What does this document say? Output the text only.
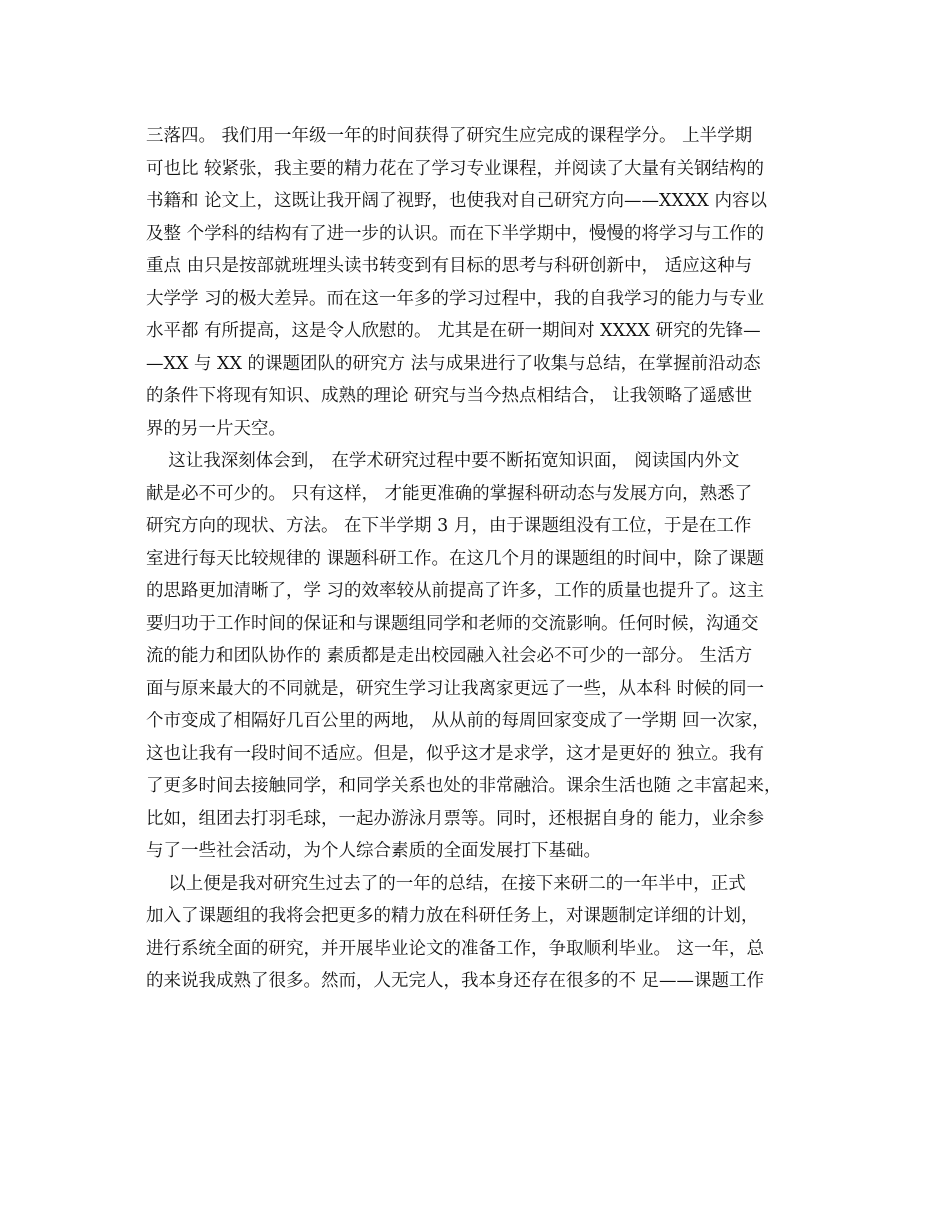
三落四。 我们用一年级一年的时间获得了研究生应完成的课程学分。 上半学期
可也比 较紧张，我主要的精力花在了学习专业课程，并阅读了大量有关钢结构的
书籍和 论文上，这既让我开阔了视野，也使我对自己研究方向——XXXX 内容以
及整 个学科的结构有了进一步的认识。而在下半学期中，慢慢的将学习与工作的
重点 由只是按部就班埋头读书转变到有目标的思考与科研创新中， 适应这种与
大学学 习的极大差异。而在这一年多的学习过程中，我的自我学习的能力与专业
水平都 有所提高，这是令人欣慰的。 尤其是在研一期间对 XXXX 研究的先锋—
—XX 与 XX 的课题团队的研究方 法与成果进行了收集与总结，在掌握前沿动态
的条件下将现有知识、成熟的理论 研究与当今热点相结合， 让我领略了遥感世
界的另一片天空。
这让我深刻体会到， 在学术研究过程中要不断拓宽知识面， 阅读国内外文
献是必不可少的。 只有这样， 才能更准确的掌握科研动态与发展方向，熟悉了
研究方向的现状、方法。 在下半学期 3 月，由于课题组没有工位，于是在工作
室进行每天比较规律的 课题科研工作。在这几个月的课题组的时间中，除了课题
的思路更加清晰了，学 习的效率较从前提高了许多，工作的质量也提升了。这主
要归功于工作时间的保证和与课题组同学和老师的交流影响。任何时候，沟通交
流的能力和团队协作的 素质都是走出校园融入社会必不可少的一部分。 生活方
面与原来最大的不同就是，研究生学习让我离家更远了一些，从本科 时候的同一
个市变成了相隔好几百公里的两地， 从从前的每周回家变成了一学期 回一次家，
这也让我有一段时间不适应。但是，似乎这才是求学，这才是更好的 独立。我有
了更多时间去接触同学，和同学关系也处的非常融洽。课余生活也随 之丰富起来，
比如，组团去打羽毛球，一起办游泳月票等。同时，还根据自身的 能力，业余参
与了一些社会活动，为个人综合素质的全面发展打下基础。
以上便是我对研究生过去了的一年的总结，在接下来研二的一年半中，正式
加入了课题组的我将会把更多的精力放在科研任务上，对课题制定详细的计划，
进行系统全面的研究，并开展毕业论文的准备工作，争取顺利毕业。 这一年，总
的来说我成熟了很多。然而，人无完人，我本身还存在很多的不 足——课题工作
